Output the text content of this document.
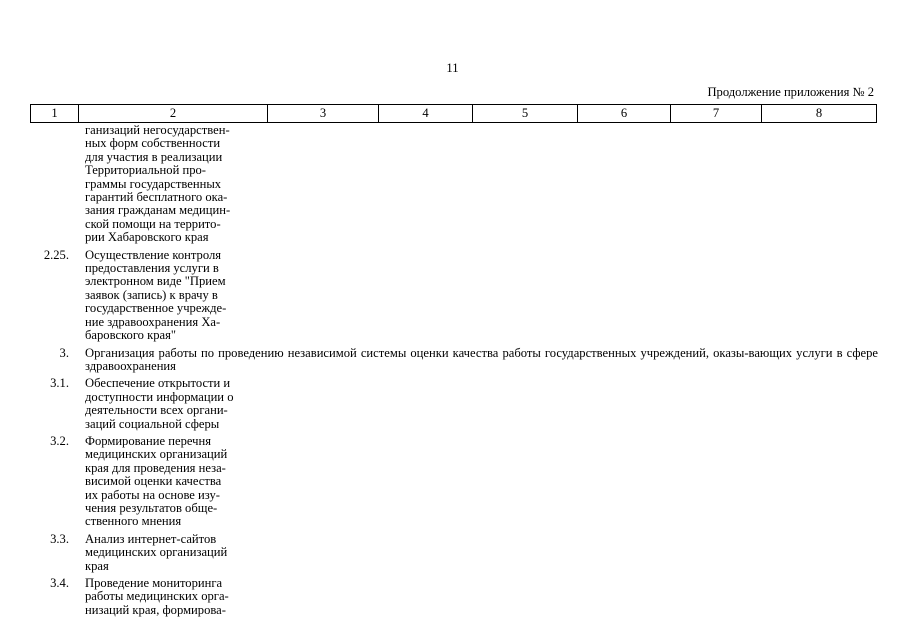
11
Продолжение приложения № 2
1	2	3	4	5	6	7	8
ганизаций негосударствен-
ных форм собственности
для участия в реализации
Территориальной про-
граммы государственных
гарантий бесплатного ока-
зания гражданам медицин-
ской помощи на террито-
рии Хабаровского края
2.25. Осуществление контроля
предоставления услуги в
электронном виде "Прием
заявок (запись) к врачу в
государственное учрежде-
ние здравоохранения Ха-
баровского края"
3. Организация работы по проведению независимой системы оценки качества работы государственных учреждений, оказы-вающих услуги в сфере здравоохранения
3.1. Обеспечение открытости и
доступности информации о
деятельности всех органи-
заций социальной сферы
3.2. Формирование перечня
медицинских организаций
края для проведения неза-
висимой оценки качества
их работы на основе изу-
чения результатов обще-
ственного мнения
3.3. Анализ интернет-сайтов
медицинских организаций
края
3.4. Проведение мониторинга
работы медицинских орга-
низаций края, формирова-
